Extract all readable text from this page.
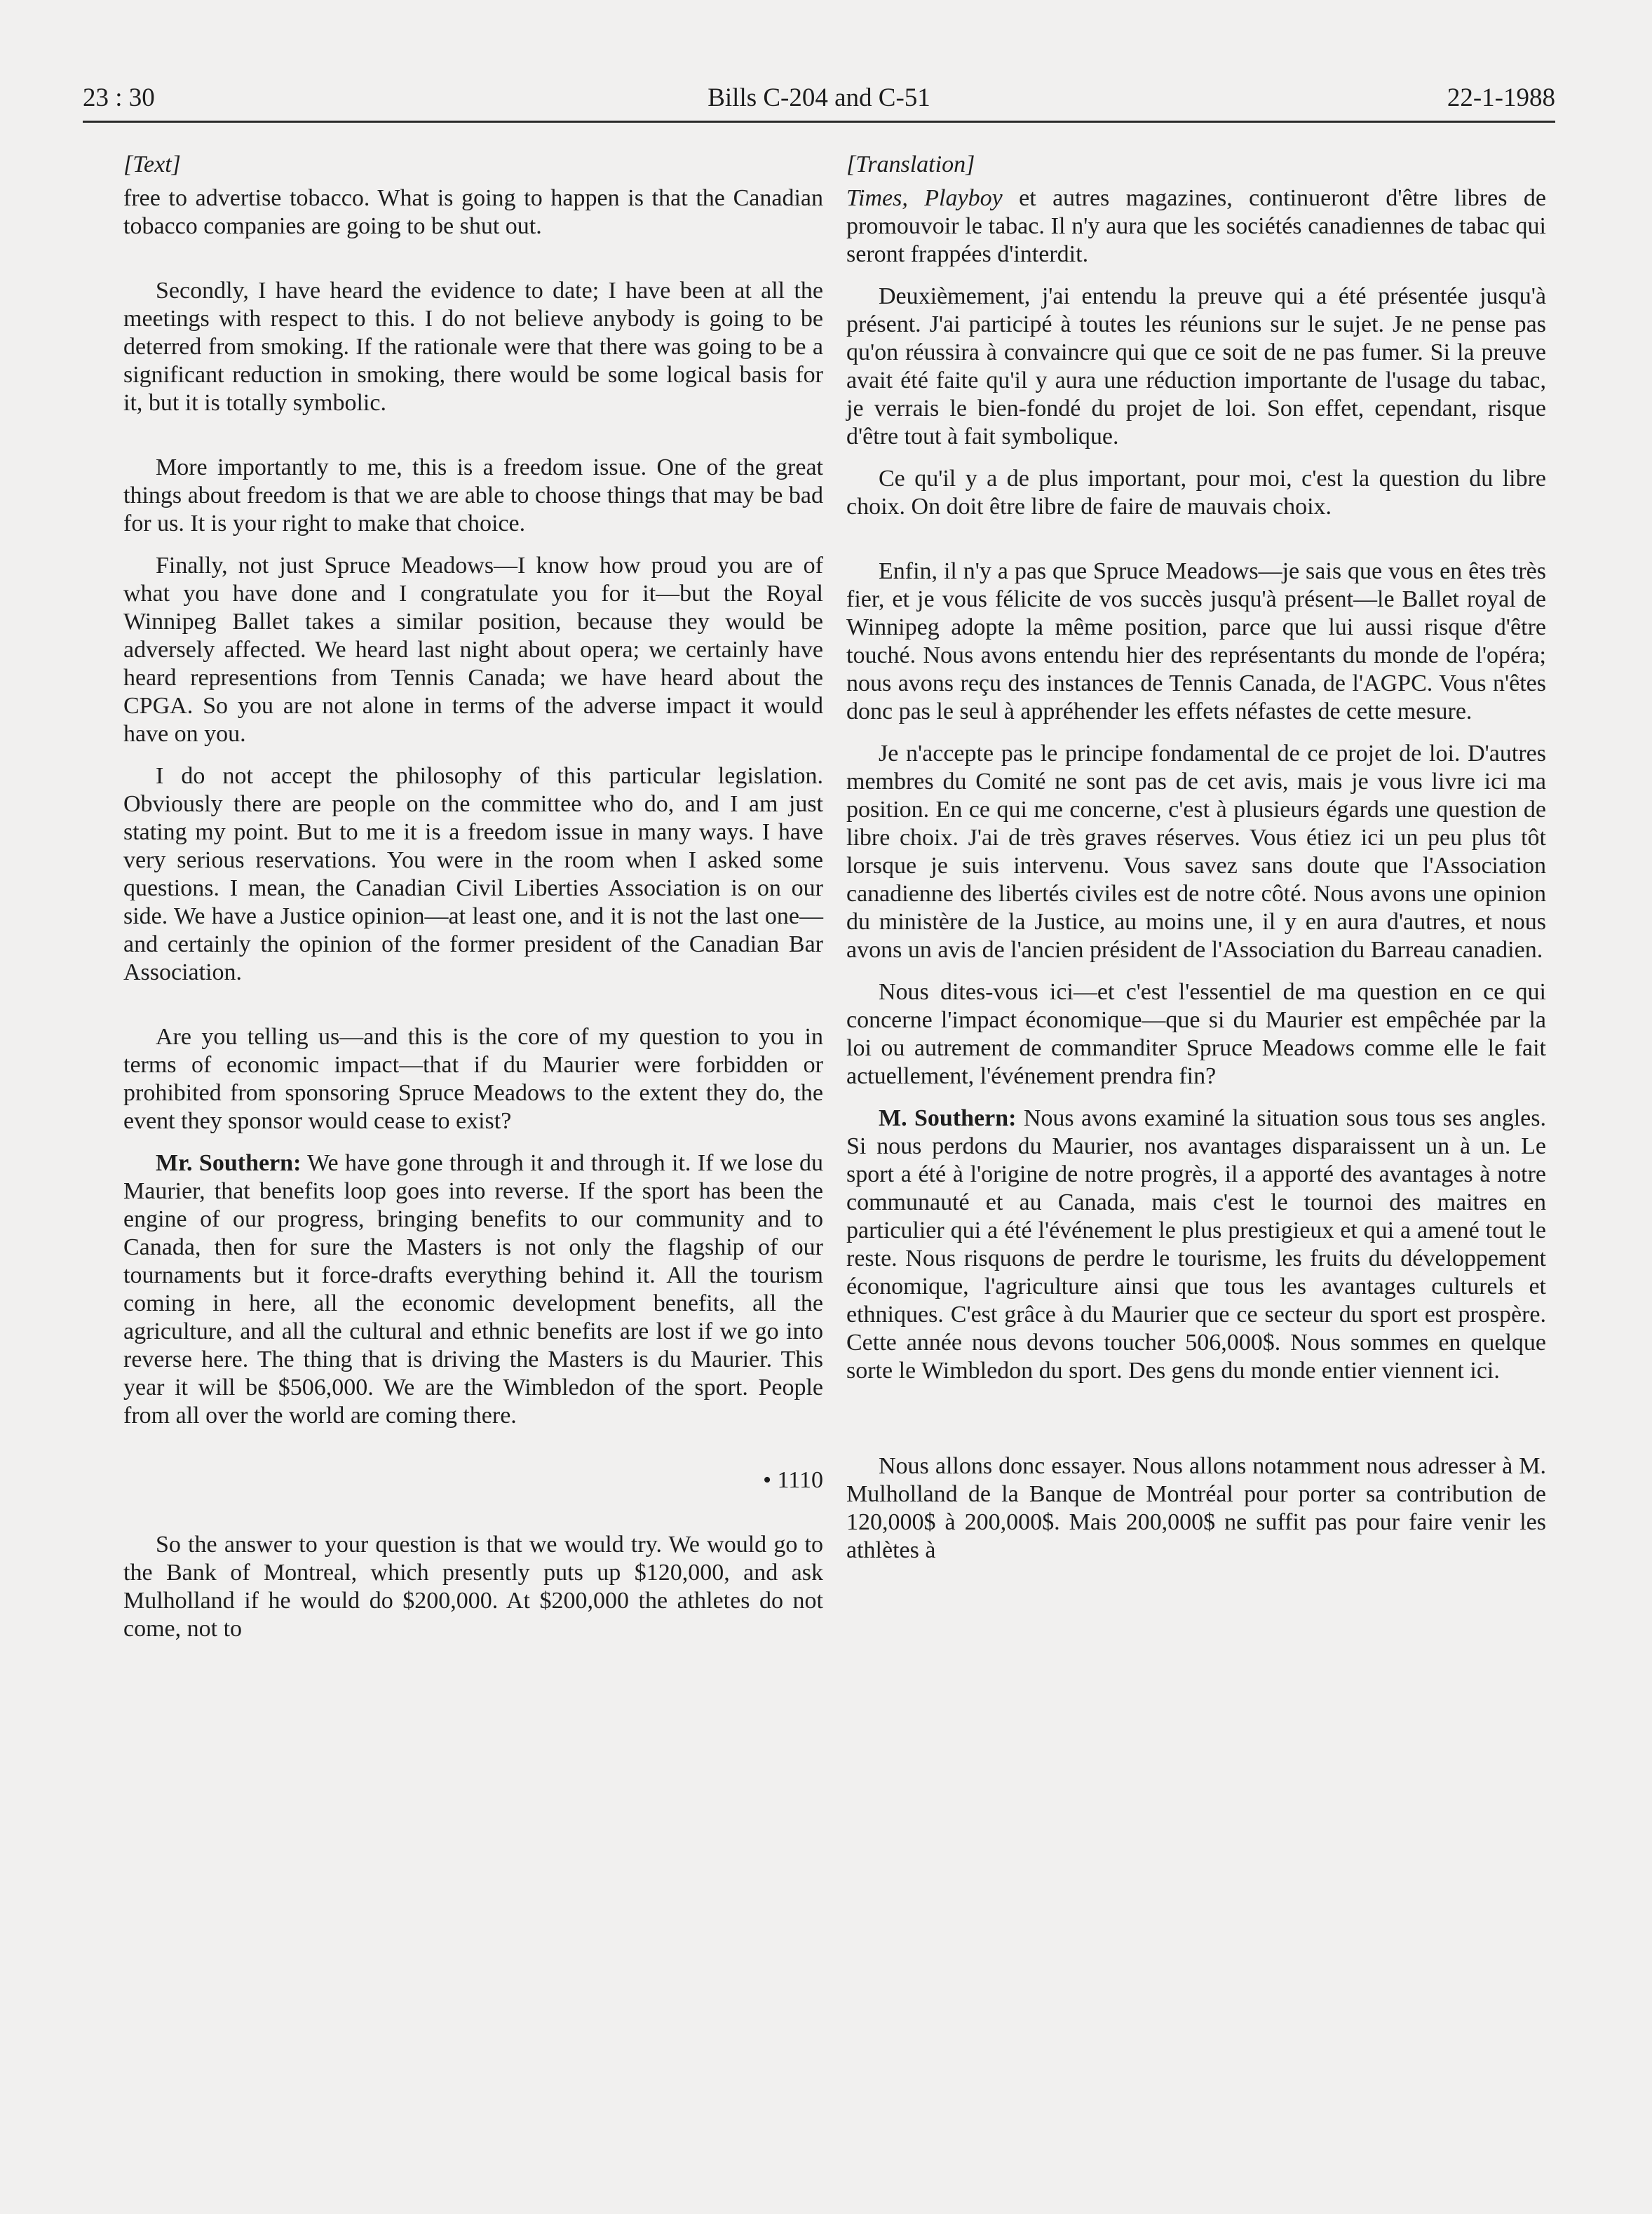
23 : 30	Bills C-204 and C-51	22-1-1988
[Text]

free to advertise tobacco. What is going to happen is that the Canadian tobacco companies are going to be shut out.

Secondly, I have heard the evidence to date; I have been at all the meetings with respect to this. I do not believe anybody is going to be deterred from smoking. If the rationale were that there was going to be a significant reduction in smoking, there would be some logical basis for it, but it is totally symbolic.

More importantly to me, this is a freedom issue. One of the great things about freedom is that we are able to choose things that may be bad for us. It is your right to make that choice.

Finally, not just Spruce Meadows—I know how proud you are of what you have done and I congratulate you for it—but the Royal Winnipeg Ballet takes a similar position, because they would be adversely affected. We heard last night about opera; we certainly have heard representions from Tennis Canada; we have heard about the CPGA. So you are not alone in terms of the adverse impact it would have on you.

I do not accept the philosophy of this particular legislation. Obviously there are people on the committee who do, and I am just stating my point. But to me it is a freedom issue in many ways. I have very serious reservations. You were in the room when I asked some questions. I mean, the Canadian Civil Liberties Association is on our side. We have a Justice opinion—at least one, and it is not the last one—and certainly the opinion of the former president of the Canadian Bar Association.

Are you telling us—and this is the core of my question to you in terms of economic impact—that if du Maurier were forbidden or prohibited from sponsoring Spruce Meadows to the extent they do, the event they sponsor would cease to exist?

Mr. Southern: We have gone through it and through it. If we lose du Maurier, that benefits loop goes into reverse. If the sport has been the engine of our progress, bringing benefits to our community and to Canada, then for sure the Masters is not only the flagship of our tournaments but it force-drafts everything behind it. All the tourism coming in here, all the economic development benefits, all the agriculture, and all the cultural and ethnic benefits are lost if we go into reverse here. The thing that is driving the Masters is du Maurier. This year it will be $506,000. We are the Wimbledon of the sport. People from all over the world are coming there.

• 1110

So the answer to your question is that we would try. We would go to the Bank of Montreal, which presently puts up $120,000, and ask Mulholland if he would do $200,000. At $200,000 the athletes do not come, not to

[Translation]

Times, Playboy et autres magazines, continueront d'être libres de promouvoir le tabac. Il n'y aura que les sociétés canadiennes de tabac qui seront frappées d'interdit.

Deuxièmement, j'ai entendu la preuve qui a été présentée jusqu'à présent. J'ai participé à toutes les réunions sur le sujet. Je ne pense pas qu'on réussira à convaincre qui que ce soit de ne pas fumer. Si la preuve avait été faite qu'il y aura une réduction importante de l'usage du tabac, je verrais le bien-fondé du projet de loi. Son effet, cependant, risque d'être tout à fait symbolique.

Ce qu'il y a de plus important, pour moi, c'est la question du libre choix. On doit être libre de faire de mauvais choix.

Enfin, il n'y a pas que Spruce Meadows—je sais que vous en êtes très fier, et je vous félicite de vos succès jusqu'à présent—le Ballet royal de Winnipeg adopte la même position, parce que lui aussi risque d'être touché. Nous avons entendu hier des représentants du monde de l'opéra; nous avons reçu des instances de Tennis Canada, de l'AGPC. Vous n'êtes donc pas le seul à appréhender les effets néfastes de cette mesure.

Je n'accepte pas le principe fondamental de ce projet de loi. D'autres membres du Comité ne sont pas de cet avis, mais je vous livre ici ma position. En ce qui me concerne, c'est à plusieurs égards une question de libre choix. J'ai de très graves réserves. Vous étiez ici un peu plus tôt lorsque je suis intervenu. Vous savez sans doute que l'Association canadienne des libertés civiles est de notre côté. Nous avons une opinion du ministère de la Justice, au moins une, il y en aura d'autres, et nous avons un avis de l'ancien président de l'Association du Barreau canadien.

Nous dites-vous ici—et c'est l'essentiel de ma question en ce qui concerne l'impact économique—que si du Maurier est empêchée par la loi ou autrement de commanditer Spruce Meadows comme elle le fait actuellement, l'événement prendra fin?

M. Southern: Nous avons examiné la situation sous tous ses angles. Si nous perdons du Maurier, nos avantages disparaissent un à un. Le sport a été à l'origine de notre progrès, il a apporté des avantages à notre communauté et au Canada, mais c'est le tournoi des maitres en particulier qui a été l'événement le plus prestigieux et qui a amené tout le reste. Nous risquons de perdre le tourisme, les fruits du développement économique, l'agriculture ainsi que tous les avantages culturels et ethniques. C'est grâce à du Maurier que ce secteur du sport est prospère. Cette année nous devons toucher 506,000$. Nous sommes en quelque sorte le Wimbledon du sport. Des gens du monde entier viennent ici.

Nous allons donc essayer. Nous allons notamment nous adresser à M. Mulholland de la Banque de Montréal pour porter sa contribution de 120,000$ à 200,000$. Mais 200,000$ ne suffit pas pour faire venir les athlètes à
